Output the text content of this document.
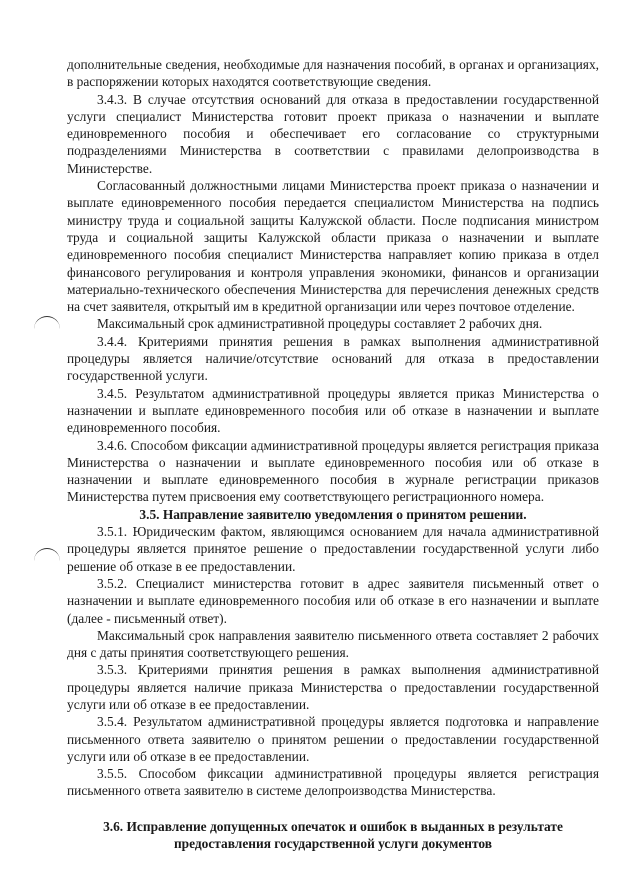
дополнительные сведения, необходимые для назначения пособий, в органах и организациях, в распоряжении которых находятся соответствующие сведения.

3.4.3. В случае отсутствия оснований для отказа в предоставлении государственной услуги специалист Министерства готовит проект приказа о назначении и выплате единовременного пособия и обеспечивает его согласование со структурными подразделениями Министерства в соответствии с правилами делопроизводства в Министерстве.

Согласованный должностными лицами Министерства проект приказа о назначении и выплате единовременного пособия передается специалистом Министерства на подпись министру труда и социальной защиты Калужской области. После подписания министром труда и социальной защиты Калужской области приказа о назначении и выплате единовременного пособия специалист Министерства направляет копию приказа в отдел финансового регулирования и контроля управления экономики, финансов и организации материально-технического обеспечения Министерства для перечисления денежных средств на счет заявителя, открытый им в кредитной организации или через почтовое отделение.

Максимальный срок административной процедуры составляет 2 рабочих дня.

3.4.4. Критериями принятия решения в рамках выполнения административной процедуры является наличие/отсутствие оснований для отказа в предоставлении государственной услуги.

3.4.5. Результатом административной процедуры является приказ Министерства о назначении и выплате единовременного пособия или об отказе в назначении и выплате единовременного пособия.

3.4.6. Способом фиксации административной процедуры является регистрация приказа Министерства о назначении и выплате единовременного пособия или об отказе в назначении и выплате единовременного пособия в журнале регистрации приказов Министерства путем присвоения ему соответствующего регистрационного номера.

3.5. Направление заявителю уведомления о принятом решении.

3.5.1. Юридическим фактом, являющимся основанием для начала административной процедуры является принятое решение о предоставлении государственной услуги либо решение об отказе в ее предоставлении.

3.5.2. Специалист министерства готовит в адрес заявителя письменный ответ о назначении и выплате единовременного пособия или об отказе в его назначении и выплате (далее - письменный ответ).

Максимальный срок направления заявителю письменного ответа составляет 2 рабочих дня с даты принятия соответствующего решения.

3.5.3. Критериями принятия решения в рамках выполнения административной процедуры является наличие приказа Министерства о предоставлении государственной услуги или об отказе в ее предоставлении.

3.5.4. Результатом административной процедуры является подготовка и направление письменного ответа заявителю о принятом решении о предоставлении государственной услуги или об отказе в ее предоставлении.

3.5.5. Способом фиксации административной процедуры является регистрация письменного ответа заявителю в системе делопроизводства Министерства.

3.6. Исправление допущенных опечаток и ошибок в выданных в результате
предоставления государственной услуги документов
